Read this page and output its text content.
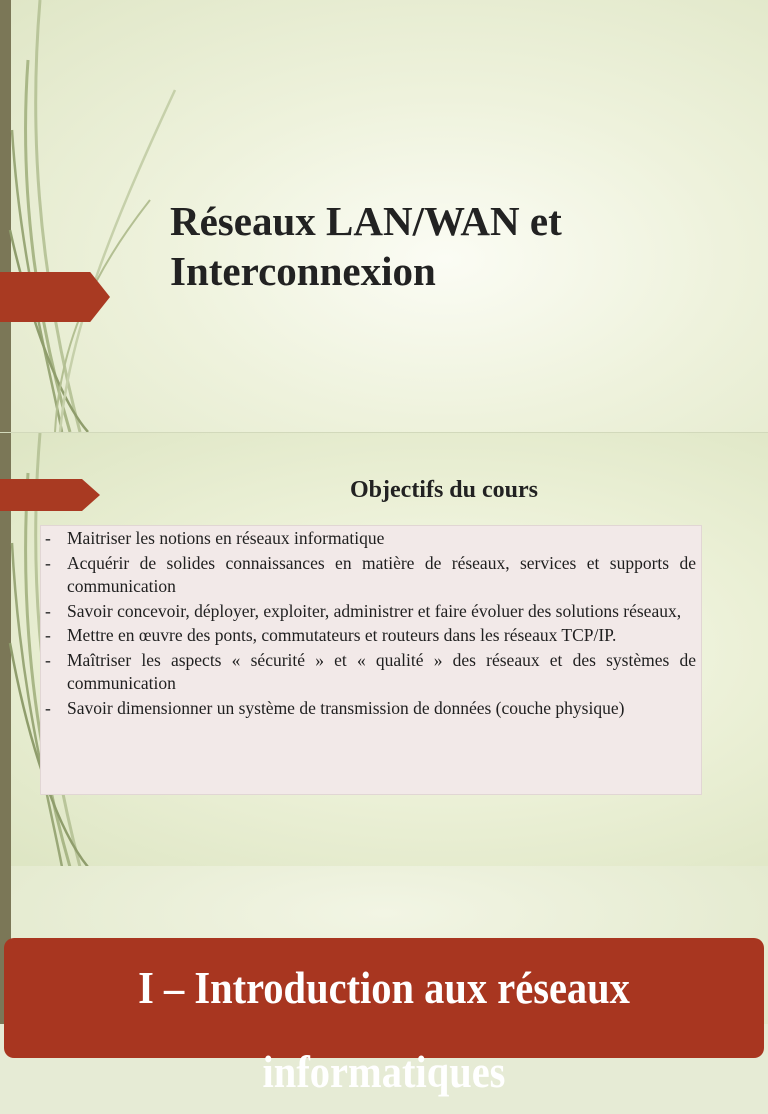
Réseaux LAN/WAN et Interconnexion
Objectifs du cours
- Maitriser les notions en réseaux informatique
- Acquérir de solides connaissances en matière de réseaux, services et supports de communication
- Savoir concevoir, déployer, exploiter, administrer et faire évoluer des solutions réseaux,
- Mettre en œuvre des ponts, commutateurs et routeurs dans les réseaux TCP/IP.
- Maîtriser les aspects « sécurité » et « qualité » des réseaux et des systèmes de communication
- Savoir dimensionner un système de transmission de données (couche physique)
I – Introduction aux réseaux informatiques
